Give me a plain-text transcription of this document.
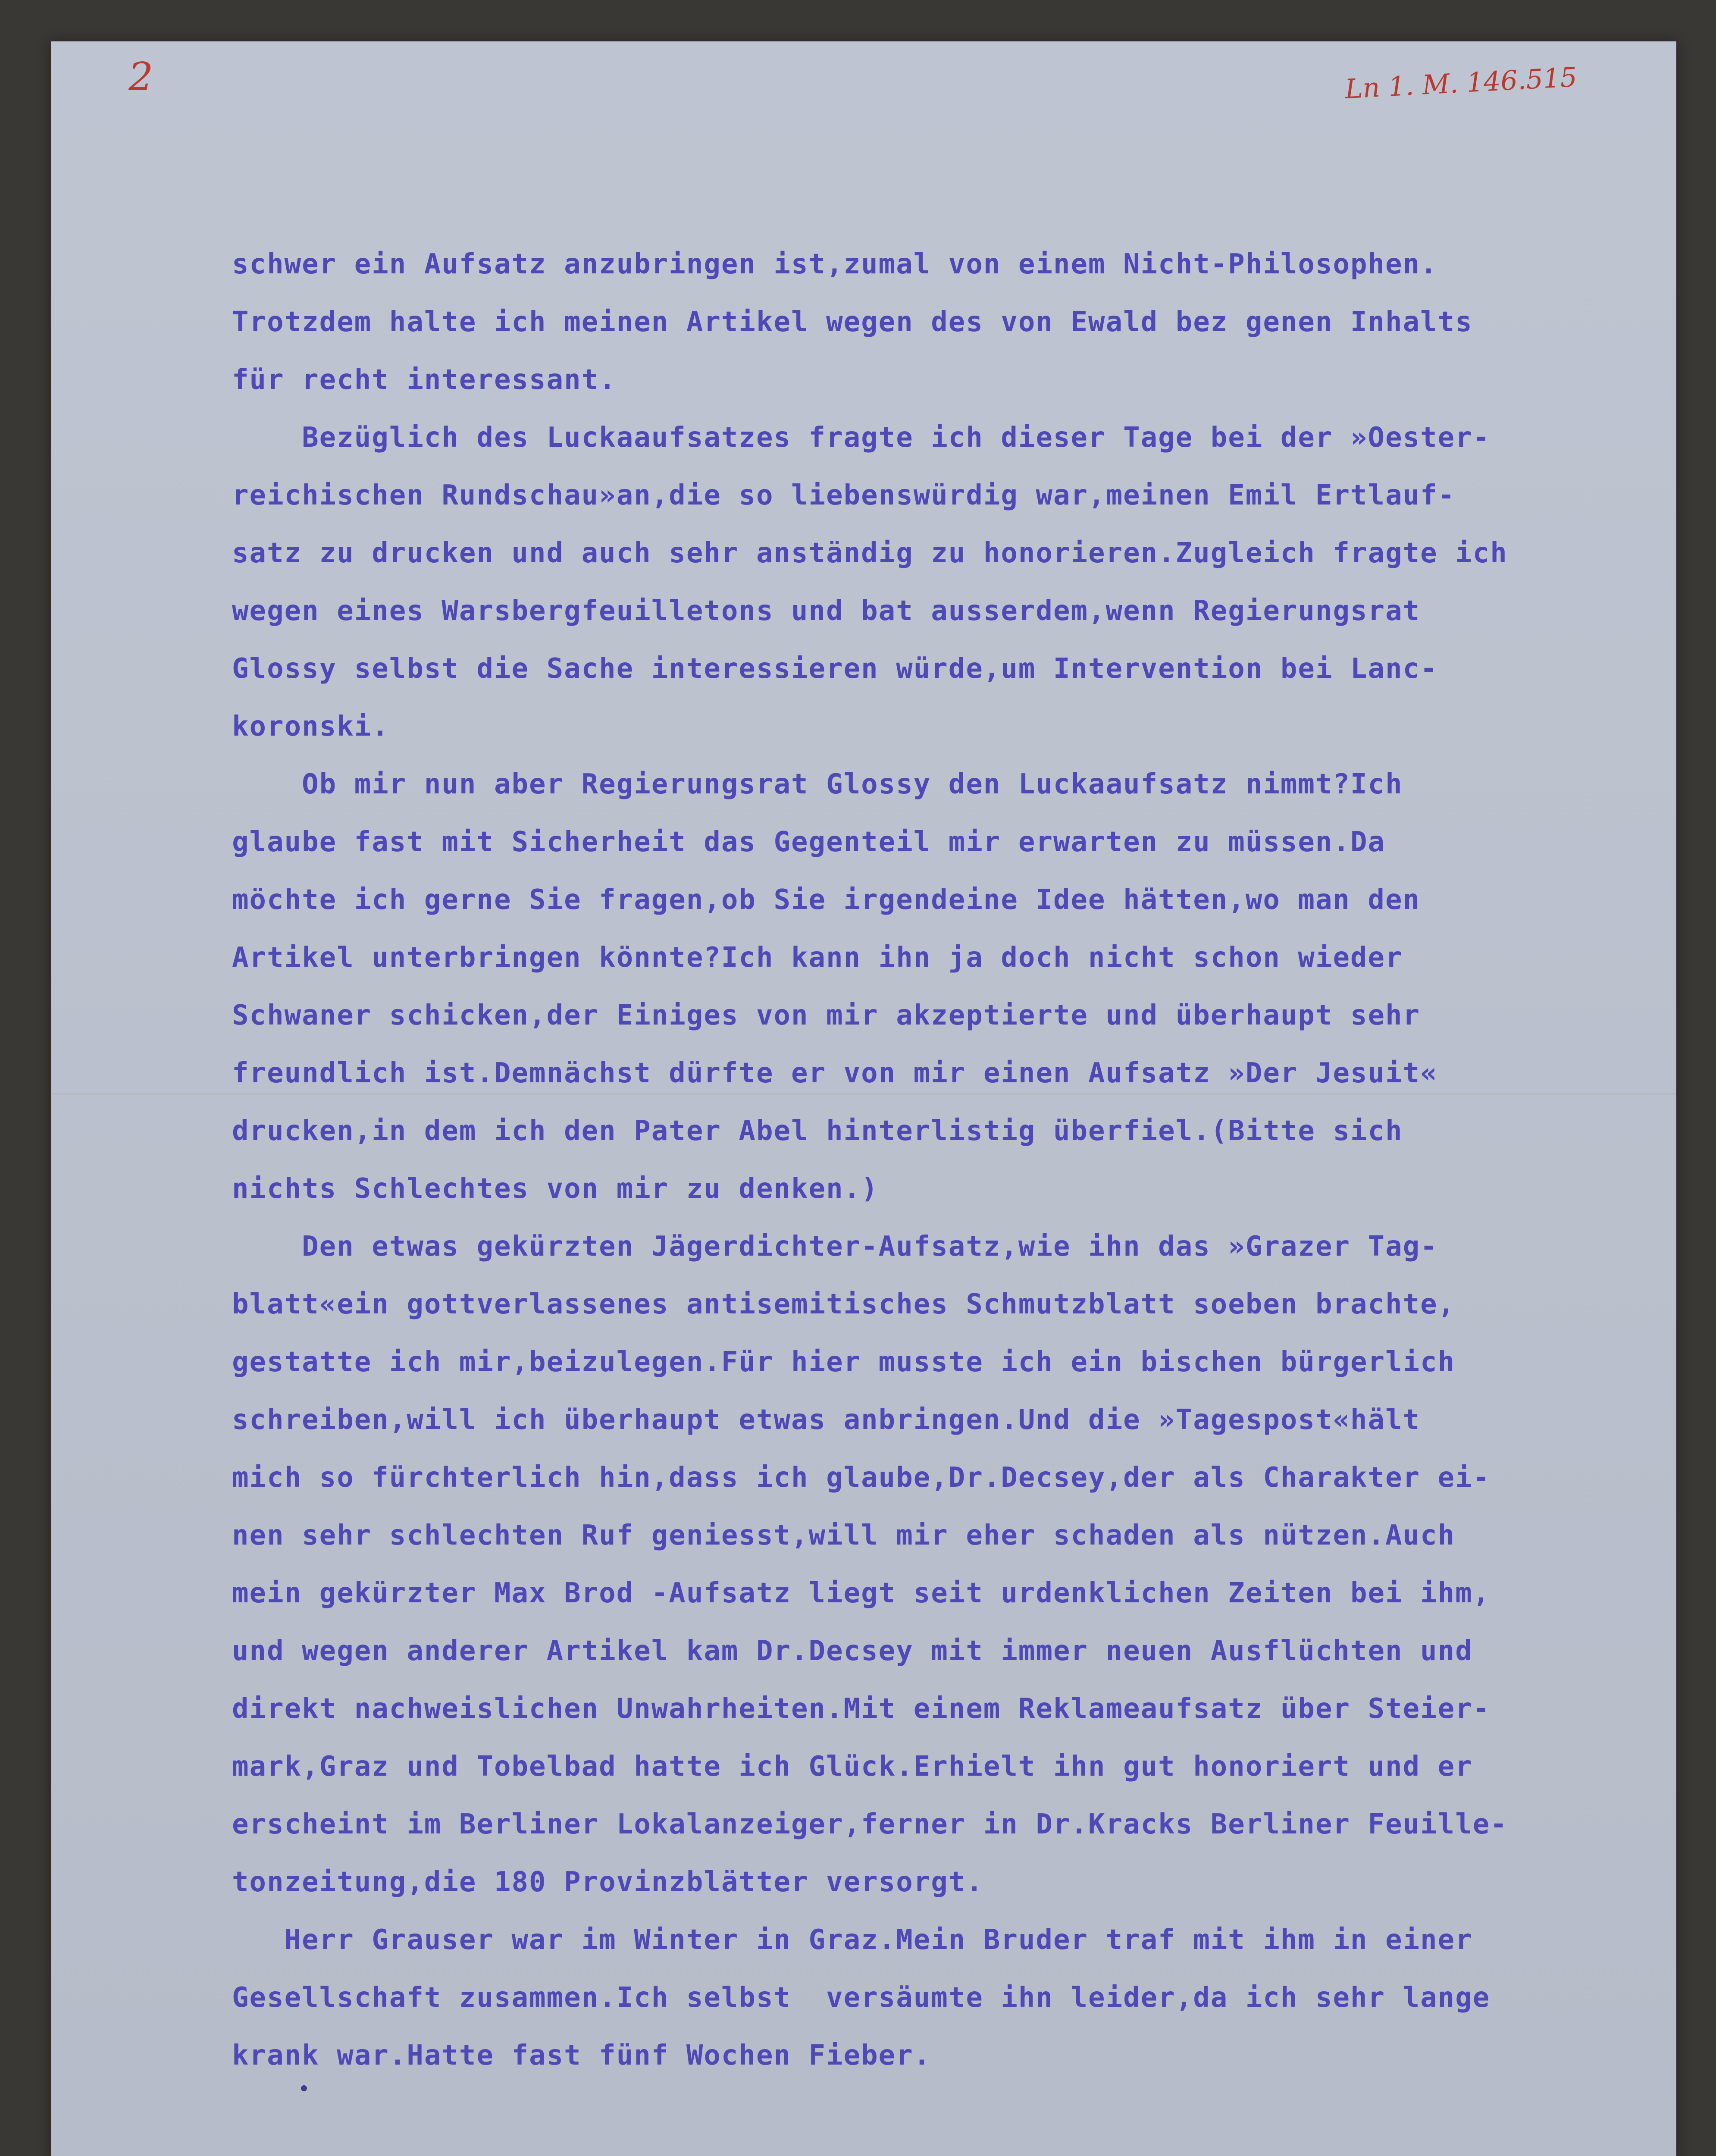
2	Ln 1. M. 146.515
schwer ein Aufsatz anzubringen ist,zumal von einem Nicht-Philosophen.
Trotzdem halte ich meinen Artikel wegen des von Ewald bez genen Inhalts
für recht interessant.
Bezüglich des Luckaaufsatzes fragte ich dieser Tage bei der »Oester-
reichischen Rundschau»an,die so liebenswürdig war,meinen Emil Ertlauf-
satz zu drucken und auch sehr anständig zu honorieren.Zugleich fragte ich
wegen eines Warsbergfeuilletons und bat ausserdem,wenn Regierungsrat
Glossy selbst die Sache interessieren würde,um Intervention bei Lanc-
koronski.
Ob mir nun aber Regierungsrat Glossy den Luckaaufsatz nimmt?Ich
glaube fast mit Sicherheit das Gegenteil mir erwarten zu müssen.Da
möchte ich gerne Sie fragen,ob Sie irgendeine Idee hätten,wo man den
Artikel unterbringen könnte?Ich kann ihn ja doch nicht schon wieder
Schwaner schicken,der Einiges von mir akzeptierte und überhaupt sehr
freundlich ist.Demnächst dürfte er von mir einen Aufsatz »Der Jesuit«
drucken,in dem ich den Pater Abel hinterlistig überfiel.(Bitte sich
nichts Schlechtes von mir zu denken.)
Den etwas gekürzten Jägerdichter-Aufsatz,wie ihn das »Grazer Tag-
blatt«ein gottverlassenes antisemitisches Schmutzblatt soeben brachte,
gestatte ich mir,beizulegen.Für hier musste ich ein bischen bürgerlich
schreiben,will ich überhaupt etwas anbringen.Und die »Tagespost«hält
mich so fürchterlich hin,dass ich glaube,Dr.Decsey,der als Charakter ei-
nen sehr schlechten Ruf geniesst,will mir eher schaden als nützen.Auch
mein gekürzter Max Brod -Aufsatz liegt seit urdenklichen Zeiten bei ihm,
und wegen anderer Artikel kam Dr.Decsey mit immer neuen Ausflüchten und
direkt nachweislichen Unwahrheiten.Mit einem Reklameaufsatz über Steier-
mark,Graz und Tobelbad hatte ich Glück.Erhielt ihn gut honoriert und er
erscheint im Berliner Lokalanzeiger,ferner in Dr.Kracks Berliner Feuille-
tonzeitung,die 180 Provinzblätter versorgt.
Herr Grauser war im Winter in Graz.Mein Bruder traf mit ihm in einer
Gesellschaft zusammen.Ich selbst  versäumte ihn leider,da ich sehr lange
krank war.Hatte fast fünf Wochen Fieber.
